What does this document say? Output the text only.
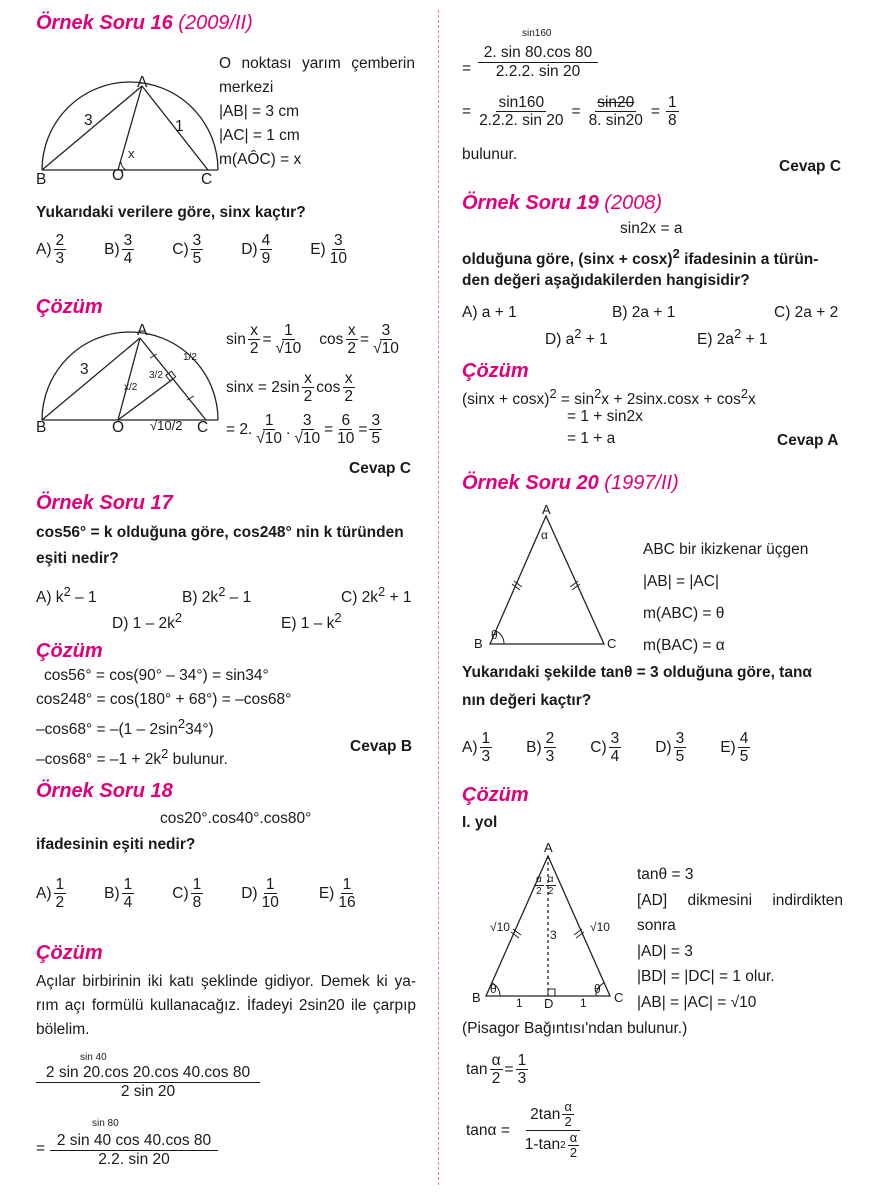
Örnek Soru 16 (2009/II)
A
B	O	C
3	1
x
O noktası yarım çemberin
merkezi
|AB| = 3 cm
|AC| = 1 cm
m(AÔC) = x
Yukarıdaki verilere göre, sinx kaçtır?
$A) \frac{2}{3} B) \frac{3}{4} C) \frac{3}{5} D) \frac{4}{9} E) \frac{3}{10}$
Çözüm
A
B	O	C
3
x/2
3/2
1/2
√10/2
$\sin \frac{x}{2} = \frac{1}{√10}$ $\cos \frac{x}{2} = \frac{3}{√10}$
$\sin x = 2\sin \frac{x}{2}$ $\cos \frac{x}{2}$
= 2. $\frac{1}{√10}$ . $\frac{3}{√10} = \frac{6}{10} = \frac{3}{5}$
Cevap C
Örnek Soru 17
cos56° = k olduğuna göre, cos248° nin k türünden
eşiti nedir?
A) $k^2 - 1$	B) $2k^2 - 1$	C) $2k^2 + 1$
D) $1 - 2k^2$	E) $1 - k^2$
Çözüm
cos56° = cos(90° – 34°) = sin34°
cos248° = cos(180° + 68°) = –cos68°
$-\cos 68^\circ = -(1 - 2\sin^234^\circ)$
$-\cos 68^\circ = -1 + 2k^2$ bulunur.
Cevap B
Örnek Soru 18
cos20°.cos40°.cos80°
ifadesinin eşiti nedir?
$A) \frac{1}{2} B) \frac{1}{4} C) \frac{1}{8} D) \frac{1}{10} E) \frac{1}{16}$
Çözüm
Açılar birbirinin iki katı şeklinde gidiyor. Demek ki ya-
rım açı formülü kullanacağız. İfadeyi 2sin20 ile çarpıp
bölelim.
sin 40
$\frac{2 \sin 20.\cos 20.\cos 40.\cos 80}{2 \sin 20}$
sin 80
= $\frac{2 \sin 40 \cos 40.\cos 80}{2.2. \sin 20}$
sin160
= $\frac{2. \sin 80.\cos 80}{2.2.2. \sin 20}$
= $\frac{\sin 160}{2.2.2. \sin 20} = \frac{\sin 20}{8. \sin 20} = \frac{1}{8}$
bulunur.
Cevap C
Örnek Soru 19 (2008)
sin2x = a
olduğuna göre, $(\sin x + \cos x)^2$ ifadesinin a türün-
den değeri aşağıdakilerden hangisidir?
A) a + 1	B) 2a + 1	C) 2a + 2
D) $a^2 + 1$	E) $2a^2 + 1$
Çözüm
$(\sin x + \cos x)^2 = \sin^2x + 2\sin x.\cos x + \cos^2x$
= 1 + sin2x
= 1 + a	Cevap A
Örnek Soru 20 (1997/II)
A
B	C
α
θ
ABC bir ikizkenar üçgen
|AB| = |AC|
m(ABC) = θ
m(BAC) = α
Yukarıdaki şekilde tanθ = 3 olduğuna göre, tanα
nın değeri kaçtır?
$A) \frac{1}{3} B) \frac{2}{3} C) \frac{3}{4} D) \frac{3}{5} E) \frac{4}{5}$
Çözüm
I. yol
A
B	C
D
√10	√10
3
1	1
θ	θ
$\frac{\alpha}{2} \frac{\alpha}{2}$	tanθ = 3
[AD] dikmesini indirdikten
sonra
|AD| = 3
|BD| = |DC| = 1 olur.
|AB| = |AC| = √10
(Pisagor Bağıntısı'ndan bulunur.)
$\tan \frac{\alpha}{2} = \frac{1}{3}$
$\tan\alpha = \frac{2\tan \frac{\alpha}{2}}{1-\tan 2 \frac{\alpha}{2}}$
